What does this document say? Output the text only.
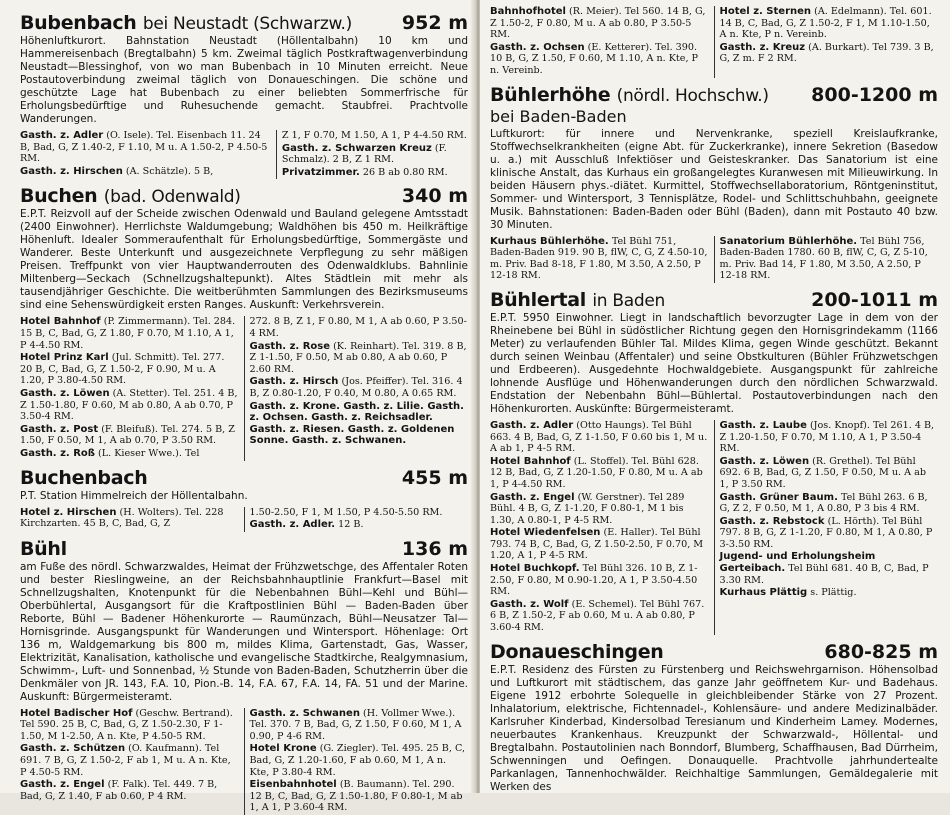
Bubenbach bei Neustadt (Schwarzw.)	952 m

Höhenluftkurort. Bahnstation Neustadt (Höllentalbahn) 10 km und Hammereisenbach (Bregtalbahn) 5 km. Zweimal täglich Postkraftwagenverbindung Neustadt—Blessinghof, von wo man Bubenbach in 10 Minuten erreicht. Neue Postautoverbindung zweimal täglich von Donaueschingen. Die schöne und geschützte Lage hat Bubenbach zu einer beliebten Sommerfrische für Erholungsbedürftige und Ruhesuchende gemacht. Staubfrei. Prachtvolle Wanderungen.

Gasth. z. Adler (O. Isele). Tel. Eisenbach 11. 24 B, Bad, G, Z 1.40-2, F 1.10, M u. A 1.50-2, P 4.50-5 RM.
Gasth. z. Hirschen (A. Schätzle). 5 B,
Z 1, F 0.70, M 1.50, A 1, P 4-4.50 RM.
Gasth. z. Schwarzen Kreuz (F. Schmalz). 2 B, Z 1 RM.
Privatzimmer. 26 B ab 0.80 RM.
Buchen (bad. Odenwald)	340 m

E.P.T. Reizvoll auf der Scheide zwischen Odenwald und Bauland gelegene Amtsstadt (2400 Einwohner). Herrlichste Waldumgebung; Waldhöhen bis 450 m. Heilkräftige Höhenluft. Idealer Sommeraufenthalt für Erholungsbedürftige, Sommergäste und Wanderer. Beste Unterkunft und ausgezeichnete Verpflegung zu sehr mäßigen Preisen. Treffpunkt von vier Hauptwanderrouten des Odenwaldklubs. Bahnlinie Miltenberg—Seckach (Schnellzugshaltepunkt). Altes Städtlein mit mehr als tausendjähriger Geschichte. Die weitberühmten Sammlungen des Bezirksmuseums sind eine Sehenswürdigkeit ersten Ranges. Auskunft: Verkehrsverein.

Hotel Bahnhof (P. Zimmermann). Tel. 284. 15 B, C, Bad, G, Z 1.80, F 0.70, M 1.10, A 1, P 4-4.50 RM.
Hotel Prinz Karl (Jul. Schmitt). Tel. 277. 20 B, C, Bad, G, Z 1.50-2, F 0.90, M u. A 1.20, P 3.80-4.50 RM.
Gasth. z. Löwen (A. Stetter). Tel. 251. 4 B, Z 1.50-1.80, F 0.60, M ab 0.80, A ab 0.70, P 3.50-4 RM.
Gasth. z. Post (F. Bleifuß). Tel. 274. 5 B, Z 1.50, F 0.50, M 1, A ab 0.70, P 3.50 RM.
Gasth. z. Roß (L. Kieser Wwe.). Tel
272. 8 B, Z 1, F 0.80, M 1, A ab 0.60, P 3.50-4 RM.
Gasth. z. Rose (K. Reinhart). Tel. 319. 8 B, Z 1-1.50, F 0.50, M ab 0.80, A ab 0.60, P 2.60 RM.
Gasth. z. Hirsch (Jos. Pfeiffer). Tel. 316. 4 B, Z 0.80-1.20, F 0.40, M 0.80, A 0.65 RM.
Gasth. z. Krone. Gasth. z. Lilie. Gasth. z. Ochsen. Gasth. z. Reichsadler. Gasth. z. Riesen. Gasth. z. Goldenen Sonne. Gasth. z. Schwanen.
Buchenbach	455 m

P.T. Station Himmelreich der Höllentalbahn.

Hotel z. Hirschen (H. Wolters). Tel. 228 Kirchzarten. 45 B, C, Bad, G, Z
1.50-2.50, F 1, M 1.50, P 4.50-5.50 RM.
Gasth. z. Adler. 12 B.
Bühl	136 m

am Fuße des nördl. Schwarzwaldes, Heimat der Frühzwetschge, des Affentaler Roten und bester Rieslingweine, an der Reichsbahnhauptlinie Frankfurt—Basel mit Schnellzugshalten, Knotenpunkt für die Nebenbahnen Bühl—Kehl und Bühl—Oberbühlertal, Ausgangsort für die Kraftpostlinien Bühl — Baden-Baden über Reborte, Bühl — Badener Höhenkurorte — Raumünzach, Bühl—Neusatzer Tal—Hornisgrinde. Ausgangspunkt für Wanderungen und Wintersport. Höhenlage: Ort 136 m, Waldgemarkung bis 800 m, mildes Klima, Gartenstadt, Gas, Wasser, Elektrizität, Kanalisation, katholische und evangelische Stadtkirche, Realgymnasium, Schwimm-, Luft- und Sonnenbad, ½ Stunde von Baden-Baden, Schutzherrin über die Denkmäler von JR. 143, F.A. 10, Pion.-B. 14, F.A. 67, F.A. 14, FA. 51 und der Marine. Auskunft: Bürgermeisteramt.

Hotel Badischer Hof (Geschw. Bertrand). Tel 590. 25 B, C, Bad, G, Z 1.50-2.30, F 1-1.50, M 1-2.50, A n. Kte, P 4.50-5 RM.
Gasth. z. Schützen (O. Kaufmann). Tel 691. 7 B, G, Z 1.50-2, F ab 1, M u. A n. Kte, P 4.50-5 RM.
Gasth. z. Engel (F. Falk). Tel. 449. 7 B, Bad, G, Z 1.40, F ab 0.60, P 4 RM.
Gasth. z. Schwanen (H. Vollmer Wwe.). Tel. 370. 7 B, Bad, G, Z 1.50, F 0.60, M 1, A 0.90, P 4-6 RM.
Hotel Krone (G. Ziegler). Tel. 495. 25 B, C, Bad, G, Z 1.20-1.60, F ab 0.60, M 1, A n. Kte, P 3.80-4 RM.
Eisenbahnhotel (B. Baumann). Tel. 290. 12 B, C, Bad, G, Z 1.50-1.80, F 0.80-1, M ab 1, A 1, P 3.60-4 RM.
Bahnhofhotel (R. Meier). Tel 560. 14 B, G, Z 1.50-2, F 0.80, M u. A ab 0.80, P 3.50-5 RM.
Gasth. z. Ochsen (E. Ketterer). Tel. 390. 10 B, G, Z 1.50, F 0.60, M 1.10, A n. Kte, P n. Vereinb.
Hotel z. Sternen (A. Edelmann). Tel. 601. 14 B, C, Bad, G, Z 1.50-2, F 1, M 1.10-1.50, A n. Kte, P n. Vereinb.
Gasth. z. Kreuz (A. Burkart). Tel 739. 3 B, G, Z m. F 2 RM.
Bühlerhöhe (nördl. Hochschw.) 800-1200 m
bei Baden-Baden

Luftkurort: für innere und Nervenkranke, speziell Kreislaufkranke, Stoffwechselkrankheiten (eigne Abt. für Zuckerkranke), innere Sekretion (Basedow u. a.) mit Ausschluß Infektiöser und Geisteskranker. Das Sanatorium ist eine klinische Anstalt, das Kurhaus ein großangelegtes Kuranwesen mit Milieuwirkung. In beiden Häusern phys.-diätet. Kurmittel, Stoffwechsellaboratorium, Röntgeninstitut, Sommer- und Wintersport, 3 Tennisplätze, Rodel- und Schlittschuhbahn, geeignete Musik. Bahnstationen: Baden-Baden oder Bühl (Baden), dann mit Postauto 40 bzw. 30 Minuten.

Kurhaus Bühlerhöhe. Tel Bühl 751, Baden-Baden 919. 90 B, flW, C, G, Z 4.50-10, m. Priv. Bad 8-18, F 1.80, M 3.50, A 2.50, P 12-18 RM.
Sanatorium Bühlerhöhe. Tel Bühl 756, Baden-Baden 1780. 60 B, flW, C, G, Z 5-10, m. Priv. Bad 14, F 1.80, M 3.50, A 2.50, P 12-18 RM.
Bühlertal in Baden	200-1011 m

E.P.T. 5950 Einwohner. Liegt in landschaftlich bevorzugter Lage in dem von der Rheinebene bei Bühl in südöstlicher Richtung gegen den Hornisgrindekamm (1166 Meter) zu verlaufenden Bühler Tal. Mildes Klima, gegen Winde geschützt. Bekannt durch seinen Weinbau (Affentaler) und seine Obstkulturen (Bühler Frühzwetschgen und Erdbeeren). Ausgedehnte Hochwaldgebiete. Ausgangspunkt für zahlreiche lohnende Ausflüge und Höhenwanderungen durch den nördlichen Schwarzwald. Endstation der Nebenbahn Bühl—Bühlertal. Postautoverbindungen nach den Höhenkurorten. Auskünfte: Bürgermeisteramt.

Gasth. z. Adler (Otto Haungs). Tel Bühl 663. 4 B, Bad, G, Z 1-1.50, F 0.60 bis 1, M u. A ab 1, P 4-5 RM.
Hotel Bahnhof (L. Stoffel). Tel. Bühl 628. 12 B, Bad, G, Z 1.20-1.50, F 0.80, M u. A ab 1, P 4-4.50 RM.
Gasth. z. Engel (W. Gerstner). Tel 289 Bühl. 4 B, G, Z 1-1.20, F 0.80-1, M 1 bis 1.30, A 0.80-1, P 4-5 RM.
Hotel Wiedenfelsen (E. Haller). Tel Bühl 793. 74 B, C, Bad, G, Z 1.50-2.50, F 0.70, M 1.20, A 1, P 4-5 RM.
Hotel Buchkopf. Tel Bühl 326. 10 B, Z 1-2.50, F 0.80, M 0.90-1.20, A 1, P 3.50-4.50 RM.
Gasth. z. Wolf (E. Schemel). Tel Bühl 767. 6 B, Z 1.50-2, F ab 0.60, M u. A ab 0.80, P 3.60-4 RM.
Gasth. z. Laube (Jos. Knopf). Tel 261. 4 B, Z 1.20-1.50, F 0.70, M 1.10, A 1, P 3.50-4 RM.
Gasth. z. Löwen (R. Grethel). Tel Bühl 692. 6 B, Bad, G, Z 1.50, F 0.50, M u. A ab 1, P 3.50 RM.
Gasth. Grüner Baum. Tel Bühl 263. 6 B, G, Z 2, F 0.50, M 1, A 0.80, P 3 bis 4 RM.
Gasth. z. Rebstock (L. Hörth). Tel Bühl 797. 8 B, G, Z 1-1.20, F 0.80, M 1, A 0.80, P 3-3.50 RM.
Jugend- und Erholungsheim Gerteibach. Tel Bühl 681. 40 B, C, Bad, P 3.30 RM.
Kurhaus Plättig s. Plättig.
Donaueschingen	680-825 m

E.P.T. Residenz des Fürsten zu Fürstenberg und Reichswehrgarnison. Höhensolbad und Luftkurort mit städtischem, das ganze Jahr geöffnetem Kur- und Badehaus. Eigene 1912 erbohrte Solequelle in gleichbleibender Stärke von 27 Prozent. Inhalatorium, elektrische, Fichtennadel-, Kohlensäure- und andere Medizinalbäder. Karlsruher Kinderbad, Kindersolbad Teresianum und Kinderheim Lamey. Modernes, neuerbautes Krankenhaus. Kreuzpunkt der Schwarzwald-, Höllental- und Bregtalbahn. Postautolinien nach Bonndorf, Blumberg, Schaffhausen, Bad Dürrheim, Schwenningen und Oefingen. Donauquelle. Prachtvolle jahrhundertealte Parkanlagen, Tannenhochwälder. Reichhaltige Sammlungen, Gemäldegalerie mit Werken des
